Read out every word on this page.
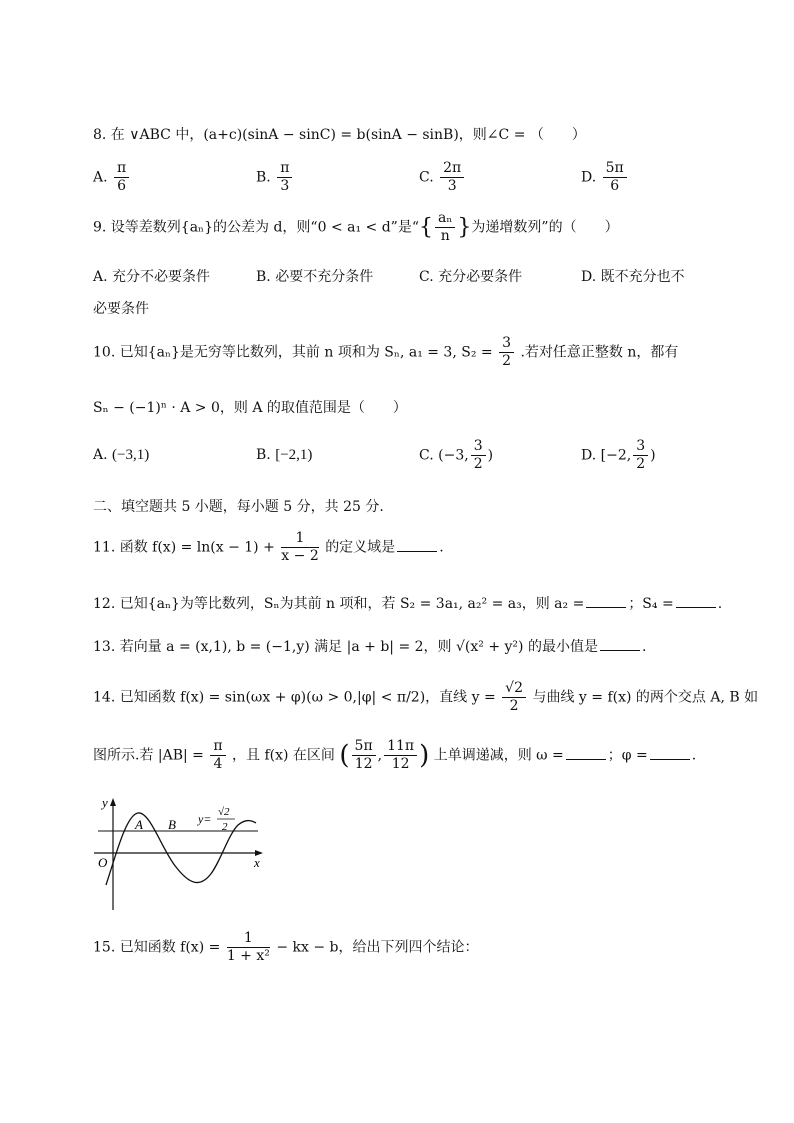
8. 在 ∨ABC 中，(a+c)(sinA − sinC) = b(sinA − sinB)，则∠C = （　　）
A. $\frac{\pi}{6}$	B. $\frac{\pi}{3}$	C. $\frac{2\pi}{3}$	D. $\frac{5\pi}{6}$
9. 设等差数列{aₙ}的公差为 d，则“0 < a₁ < d”是“{ $\frac{\text{aₙ}}{n}$ }为递增数列”的（　　）
A. 充分不必要条件	B. 必要不充分条件	C. 充分必要条件	D. 既不充分也不
必要条件
10. 已知{aₙ}是无穷等比数列，其前 n 项和为 Sₙ, a₁ = 3, $S_2 = \frac{3}{2}$ .若对任意正整数 n，都有
Sₙ − (−1)ⁿ · A > 0，则 A 的取值范围是（　　）
A. (−3,1)	B. [−2,1)	C. (−3, $\frac{3}{2}$ )	D. [−2, $\frac{3}{2}$ )
二、填空题共 5 小题，每小题 5 分，共 25 分.
11. 函数 $f(x) = \ln(x - 1) + \frac{1}{x - 2}$ 的定义域是	.
12. 已知{aₙ}为等比数列，Sₙ为其前 n 项和，若 S₂ = 3a₁, a₂² = a₃，则 a₂ =	；S₄ =	.
13. 若向量 a = (x,1), b = (−1,y) 满足 |a + b| = 2，则 √(x² + y²) 的最小值是	.
14. 已知函数 f(x) = sin(ωx + φ)(ω > 0,|φ| < π/2)，直线 $y = \frac{√2}{2}$ 与曲线 y = f(x) 的两个交点 A, B 如
图所示.若 $|AB| = \frac{\pi}{4}$ ，且 f(x) 在区间 ( $\frac{5\pi}{12}$ , $\frac{11\pi}{12}$ ) 上单调递减，则 ω =	；φ =	.
y
x
O
A B y= √2
2
15. 已知函数 $f(x) = \frac{1}{\text{1 + x²}}$ − kx − b，给出下列四个结论：
